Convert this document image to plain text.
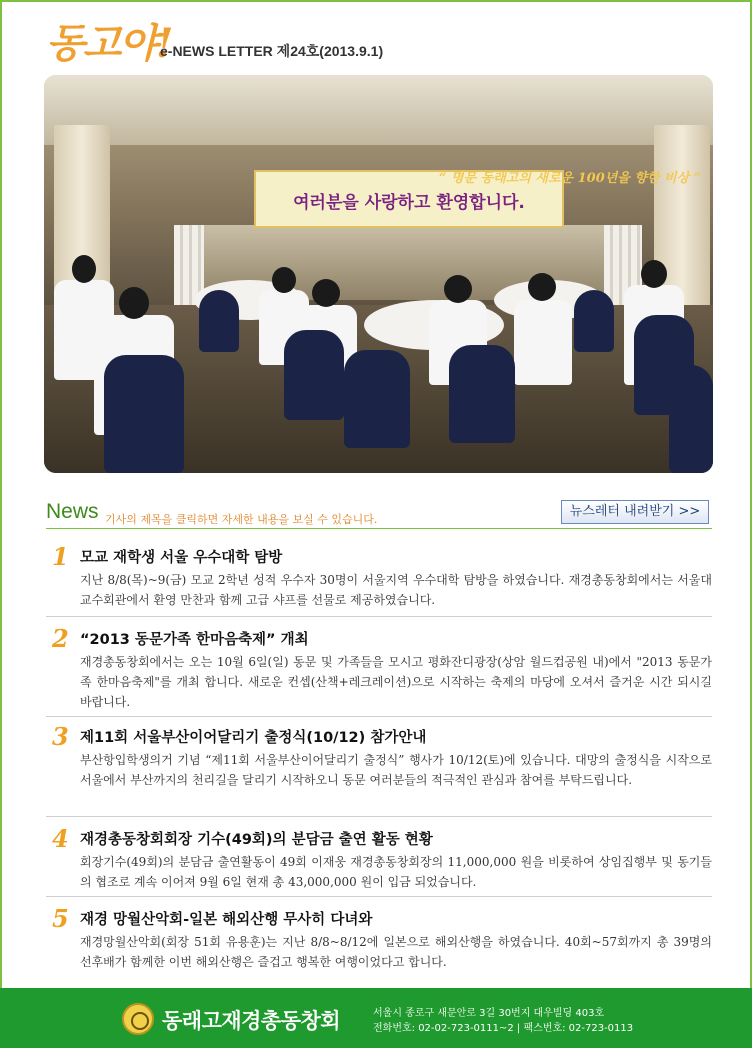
동고야!
e-NEWS LETTER 제24호(2013.9.1)
여러분을 사랑하고 환영합니다.
“ 명문 동래고의 새로운 100년을 향한 비상 ”
News 기사의 제목을 클릭하면 자세한 내용을 보실 수 있습니다.
뉴스레터 내려받기 >>
1 모교 재학생 서울 우수대학 탐방
지난 8/8(목)~9(금) 모교 2학년 성적 우수자 30명이 서울지역 우수대학 탐방을 하였습니다. 재경총동창회에서는 서울대 교수회관에서 환영 만찬과 함께 고급 샤프를 선물로 제공하였습니다.
2 “2013 동문가족 한마음축제” 개최
재경총동창회에서는 오는 10월 6일(일) 동문 및 가족들을 모시고 평화잔디광장(상암 월드컵공원 내)에서 "2013 동문가족 한마음축제"를 개최 합니다. 새로운 컨셉(산책+레크레이션)으로 시작하는 축제의 마당에 오셔서 즐거운 시간 되시길 바랍니다.
3 제11회 서울부산이어달리기 출정식(10/12) 참가안내
부산항입학생의거 기념 “제11회 서울부산이어달리기 출정식” 행사가 10/12(토)에 있습니다. 대망의 출정식을 시작으로 서울에서 부산까지의 천리길을 달리기 시작하오니 동문 여러분들의 적극적인 관심과 참여를 부탁드립니다.
4 재경총동창회회장 기수(49회)의 분담금 출연 활동 현황
회장기수(49회)의 분담금 출연활동이 49회 이재웅 재경총동창회장의 11,000,000 원을 비롯하여 상임집행부 및 동기들의 협조로 계속 이어져 9월 6일 현재 총 43,000,000 원이 입금 되었습니다.
5 재경 망월산악회-일본 해외산행 무사히 다녀와
재경망월산악회(회장 51회 유용훈)는 지난 8/8~8/12에 일본으로 해외산행을 하였습니다. 40회~57회까지 총 39명의 선후배가 함께한 이번 해외산행은 즐겁고 행복한 여행이었다고 합니다.
동래고재경총동창회	서울시 종로구 새문안로 3길 30번지 대우빌딩 403호
전화번호: 02-02-723-0111~2 | 팩스번호: 02-723-0113
